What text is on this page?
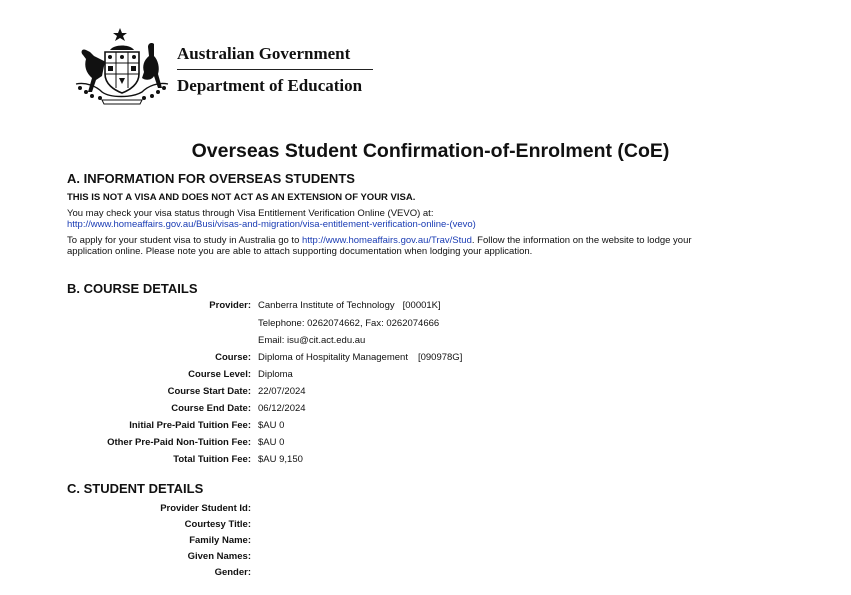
Australian Government
Department of Education
Overseas Student Confirmation-of-Enrolment (CoE)
A. INFORMATION FOR OVERSEAS STUDENTS
THIS IS NOT A VISA AND DOES NOT ACT AS AN EXTENSION OF YOUR VISA.
You may check your visa status through Visa Entitlement Verification Online (VEVO) at:
http://www.homeaffairs.gov.au/Busi/visas-and-migration/visa-entitlement-verification-online-(vevo)
To apply for your student visa to study in Australia go to http://www.homeaffairs.gov.au/Trav/Stud. Follow the information on the website to lodge your
application online. Please note you are able to attach supporting documentation when lodging your application.
B. COURSE DETAILS
Provider: Canberra Institute of Technology [00001K]
Telephone: 0262074662, Fax: 0262074666
Email: isu@cit.act.edu.au
Course: Diploma of Hospitality Management [090978G]
Course Level: Diploma
Course Start Date: 22/07/2024
Course End Date: 06/12/2024
Initial Pre-Paid Tuition Fee: $AU 0
Other Pre-Paid Non-Tuition Fee: $AU 0
Total Tuition Fee: $AU 9,150
C. STUDENT DETAILS
Provider Student Id:
Courtesy Title:
Family Name:
Given Names:
Gender:
